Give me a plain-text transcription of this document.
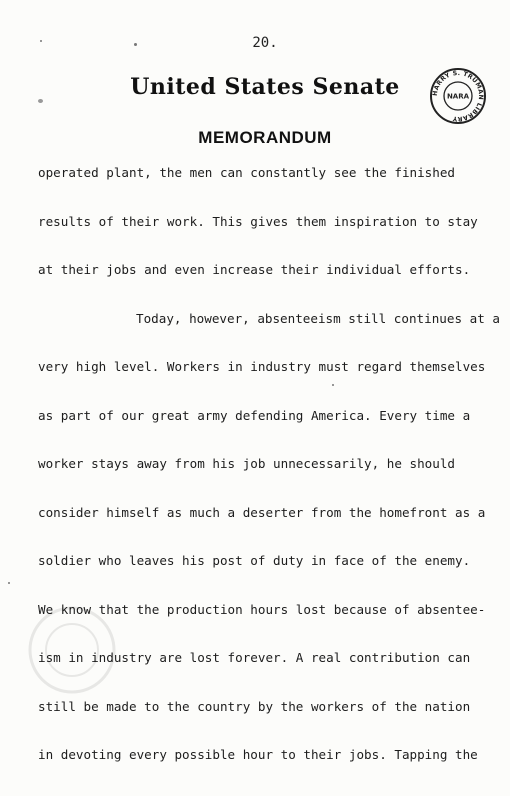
20.
United States Senate	HARRY S. TRUMAN LIBRARY
NARA
MEMORANDUM
operated plant, the men can constantly see the finished
results of their work. This gives them inspiration to stay
at their jobs and even increase their individual efforts.
Today, however, absenteeism still continues at a
very high level. Workers in industry must regard themselves
as part of our great army defending America. Every time a
worker stays away from his job unnecessarily, he should
consider himself as much a deserter from the homefront as a
soldier who leaves his post of duty in face of the enemy.
We know that the production hours lost because of absentee-
ism in industry are lost forever. A real contribution can
still be made to the country by the workers of the nation
in devoting every possible hour to their jobs. Tapping the
